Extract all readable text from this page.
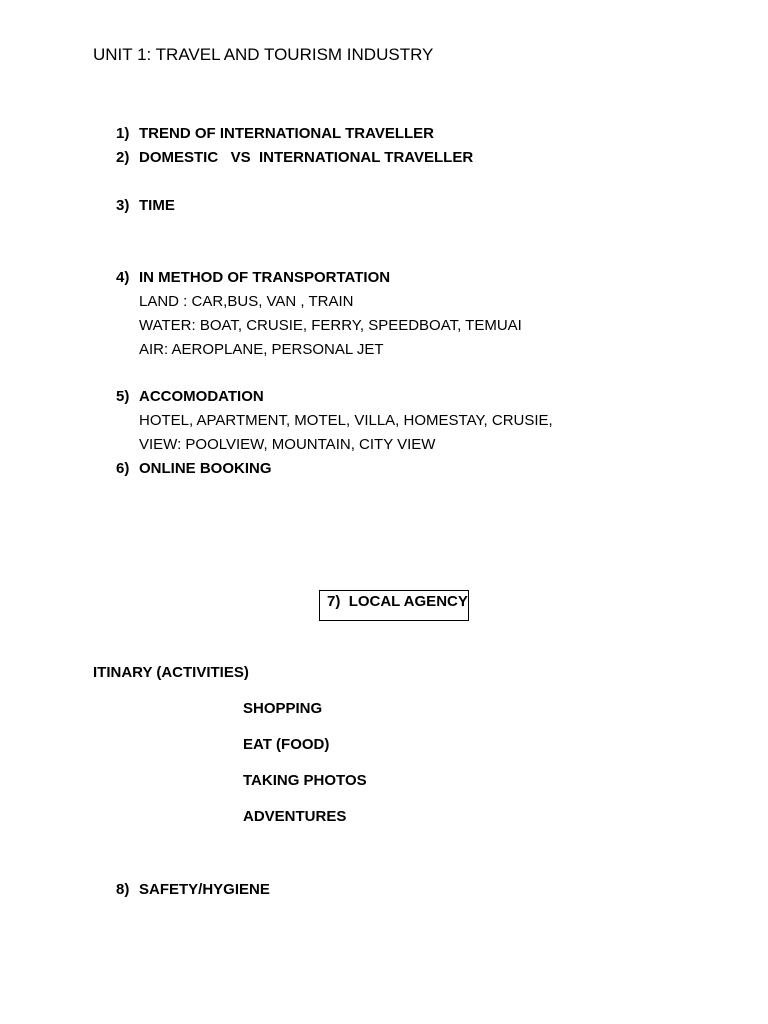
UNIT 1: TRAVEL AND TOURISM INDUSTRY
1) TREND OF INTERNATIONAL TRAVELLER
2) DOMESTIC   VS  INTERNATIONAL TRAVELLER
3) TIME
4) IN METHOD OF TRANSPORTATION
LAND : CAR,BUS, VAN , TRAIN
WATER: BOAT, CRUSIE, FERRY, SPEEDBOAT, TEMUAI
AIR: AEROPLANE, PERSONAL JET
5) ACCOMODATION
HOTEL, APARTMENT, MOTEL, VILLA, HOMESTAY, CRUSIE,
VIEW: POOLVIEW, MOUNTAIN, CITY VIEW
6) ONLINE BOOKING
7) LOCAL AGENCY
ITINARY (ACTIVITIES)
SHOPPING
EAT (FOOD)
TAKING PHOTOS
ADVENTURES
8) SAFETY/HYGIENE
